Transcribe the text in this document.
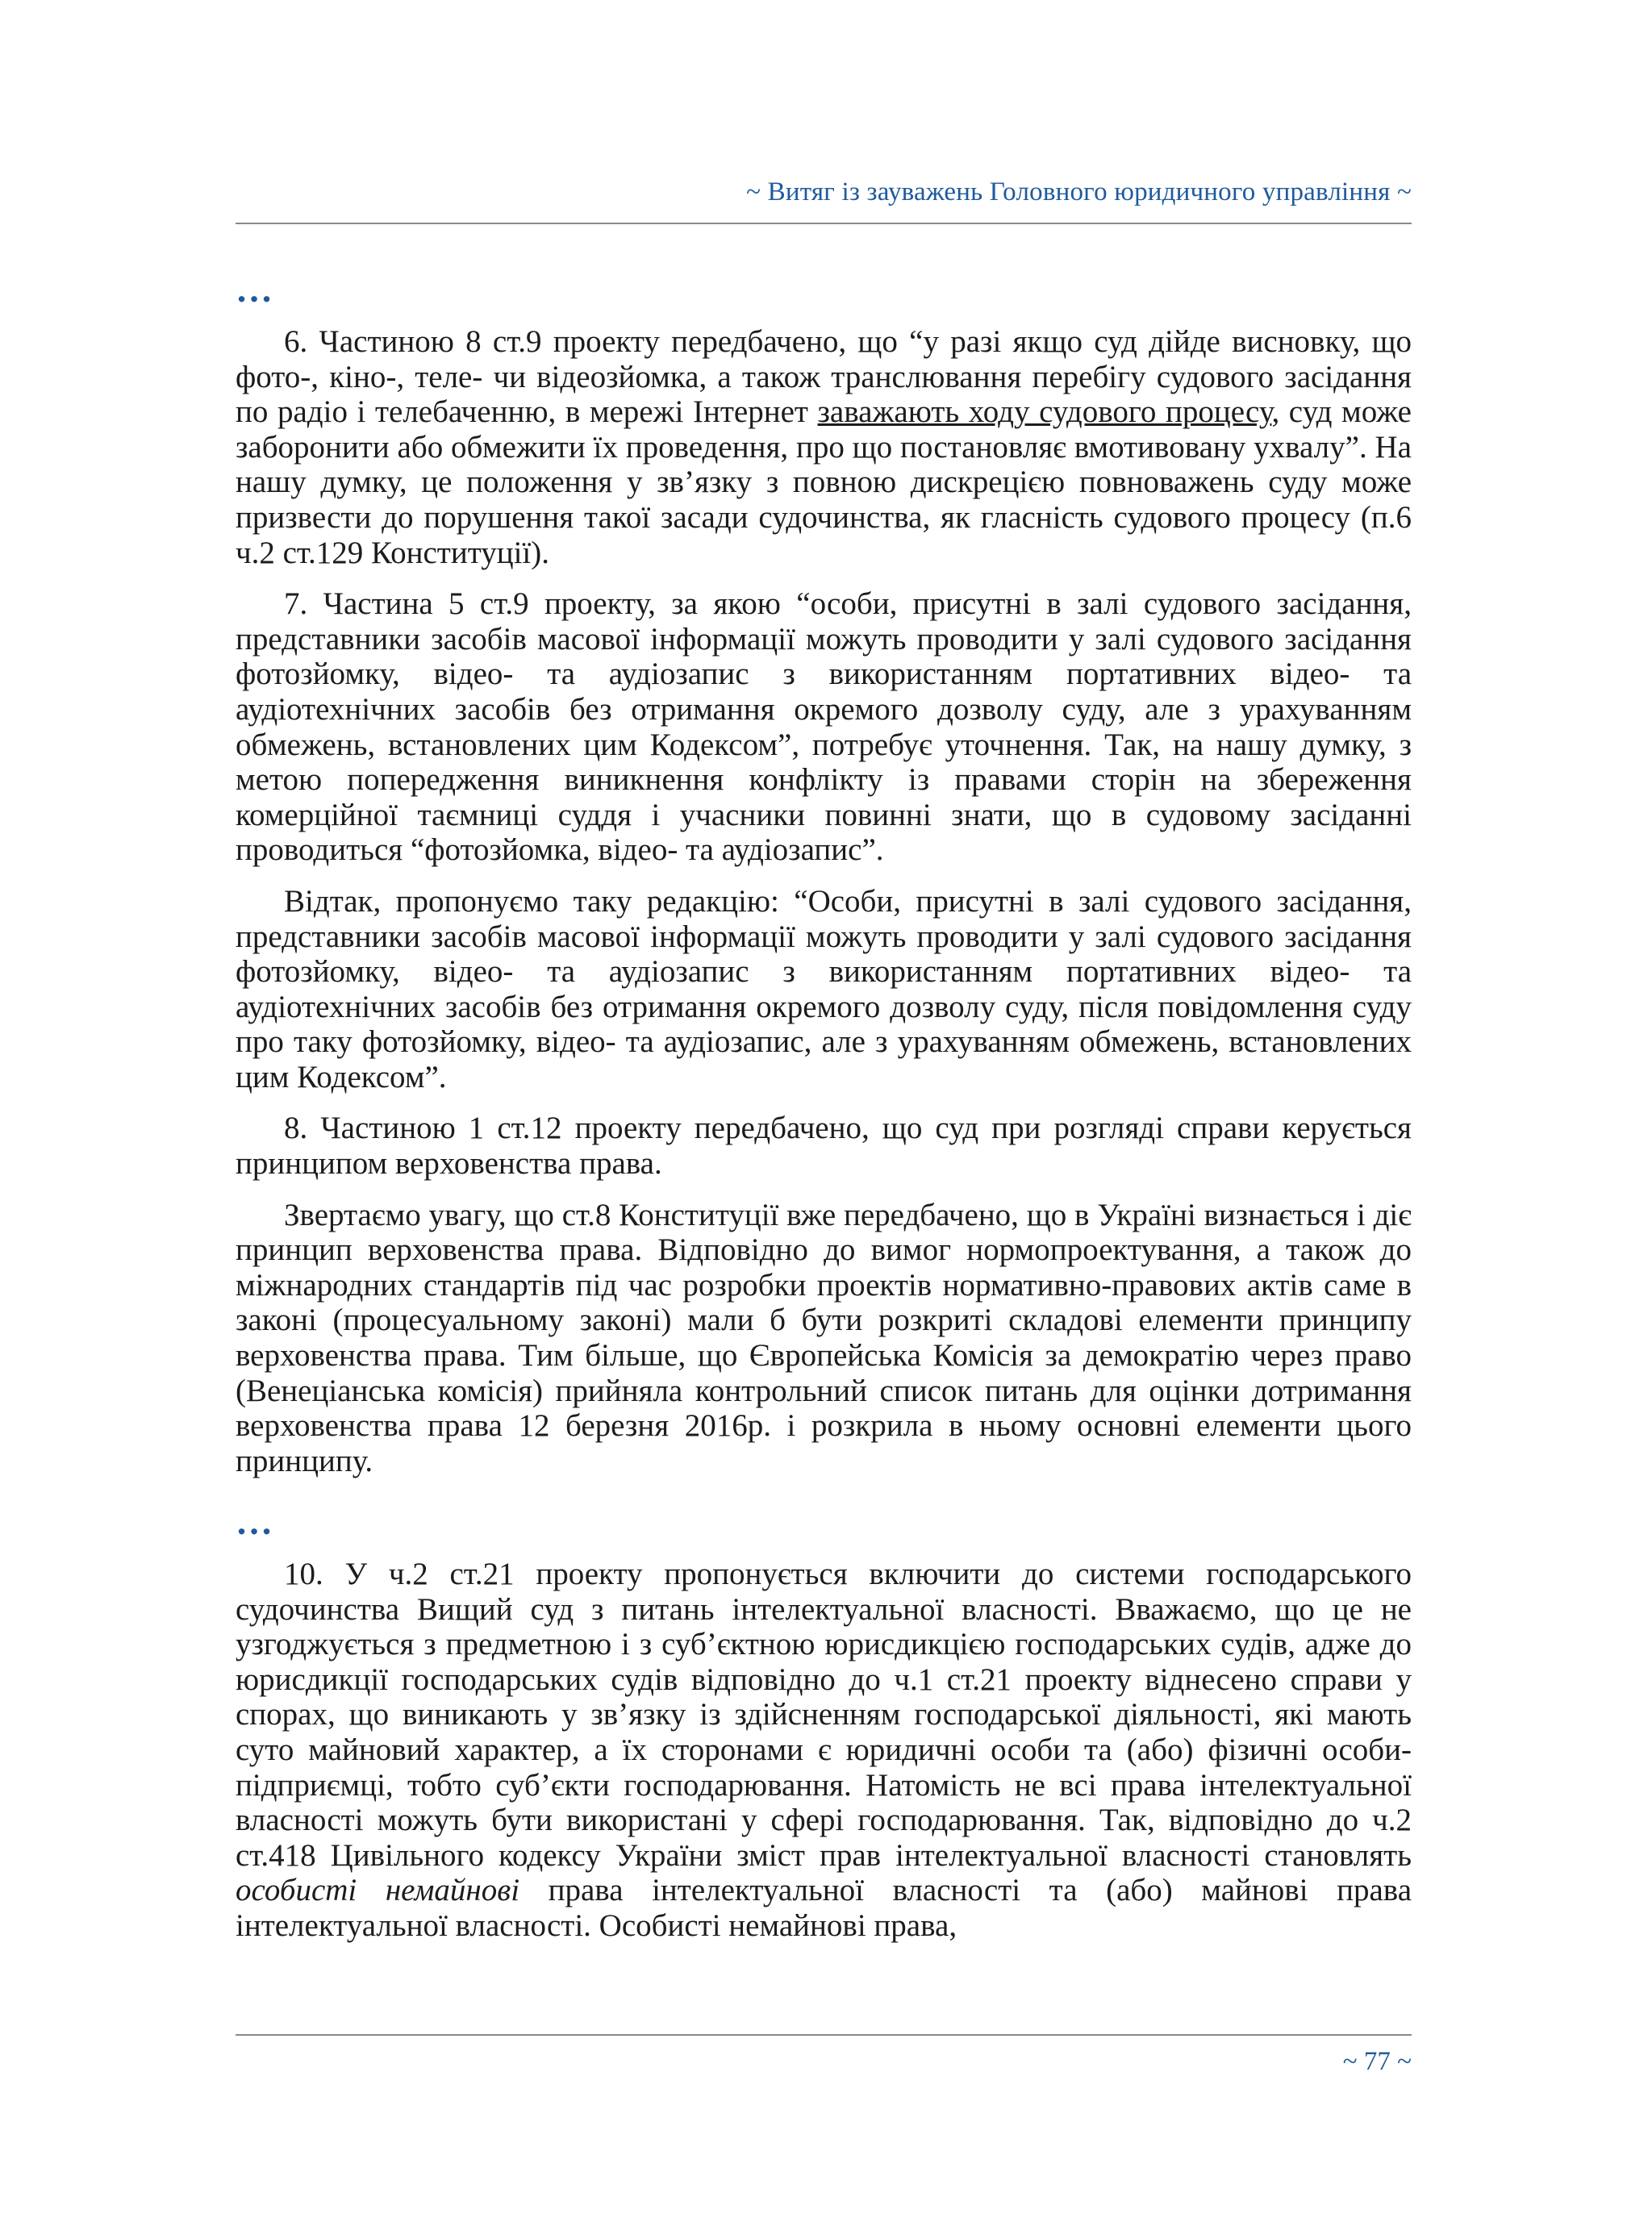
~ Витяг із зауважень Головного юридичного управління ~
…

6. Частиною 8 ст.9 проекту передбачено, що “у разі якщо суд дійде висновку, що фото-, кіно-, теле- чи відеозйомка, а також транслювання перебігу судового засідання по радіо і телебаченню, в мережі Інтернет заважають ходу судового процесу, суд може заборонити або обмежити їх проведення, про що постановляє вмотивовану ухвалу”. На нашу думку, це положення у зв’язку з повною дискрецією повноважень суду може призвести до порушення такої засади судочинства, як гласність судового процесу (п.6 ч.2 ст.129 Конституції).

7. Частина 5 ст.9 проекту, за якою “особи, присутні в залі судового засідання, представники засобів масової інформації можуть проводити у залі судового засідання фотозйомку, відео- та аудіозапис з використанням портативних відео- та аудіотехнічних засобів без отримання окремого дозволу суду, але з урахуванням обмежень, встановлених цим Кодексом”, потребує уточнення. Так, на нашу думку, з метою попередження виникнення конфлікту із правами сторін на збереження комерційної таємниці суддя і учасники повинні знати, що в судовому засіданні проводиться “фотозйомка, відео- та аудіозапис”.

Відтак, пропонуємо таку редакцію: “Особи, присутні в залі судового засідання, представники засобів масової інформації можуть проводити у залі судового засідання фотозйомку, відео- та аудіозапис з використанням портативних відео- та аудіотехнічних засобів без отримання окремого дозволу суду, після повідомлення суду про таку фотозйомку, відео- та аудіозапис, але з урахуванням обмежень, встановлених цим Кодексом”.

8. Частиною 1 ст.12 проекту передбачено, що суд при розгляді справи керується принципом верховенства права.

Звертаємо увагу, що ст.8 Конституції вже передбачено, що в Україні визнається і діє принцип верховенства права. Відповідно до вимог нормопроектування, а також до міжнародних стандартів під час розробки проектів нормативно-правових актів саме в законі (процесуальному законі) мали б бути розкриті складові елементи принципу верховенства права. Тим більше, що Європейська Комісія за демократію через право (Венеціанська комісія) прийняла контрольний список питань для оцінки дотримання верховенства права 12 березня 2016р. і розкрила в ньому основні елементи цього принципу.

…

10. У ч.2 ст.21 проекту пропонується включити до системи господарського судочинства Вищий суд з питань інтелектуальної власності. Вважаємо, що це не узгоджується з предметною і з суб’єктною юрисдикцією господарських судів, адже до юрисдикції господарських судів відповідно до ч.1 ст.21 проекту віднесено справи у спорах, що виникають у зв’язку із здійсненням господарської діяльності, які мають суто майновий характер, а їх сторонами є юридичні особи та (або) фізичні особи-підприємці, тобто суб’єкти господарювання. Натомість не всі права інтелектуальної власності можуть бути використані у сфері господарювання. Так, відповідно до ч.2 ст.418 Цивільного кодексу України зміст прав інтелектуальної власності становлять особисті немайнові права інтелектуальної власності та (або) майнові права інтелектуальної власності. Особисті немайнові права,

~ 77 ~
